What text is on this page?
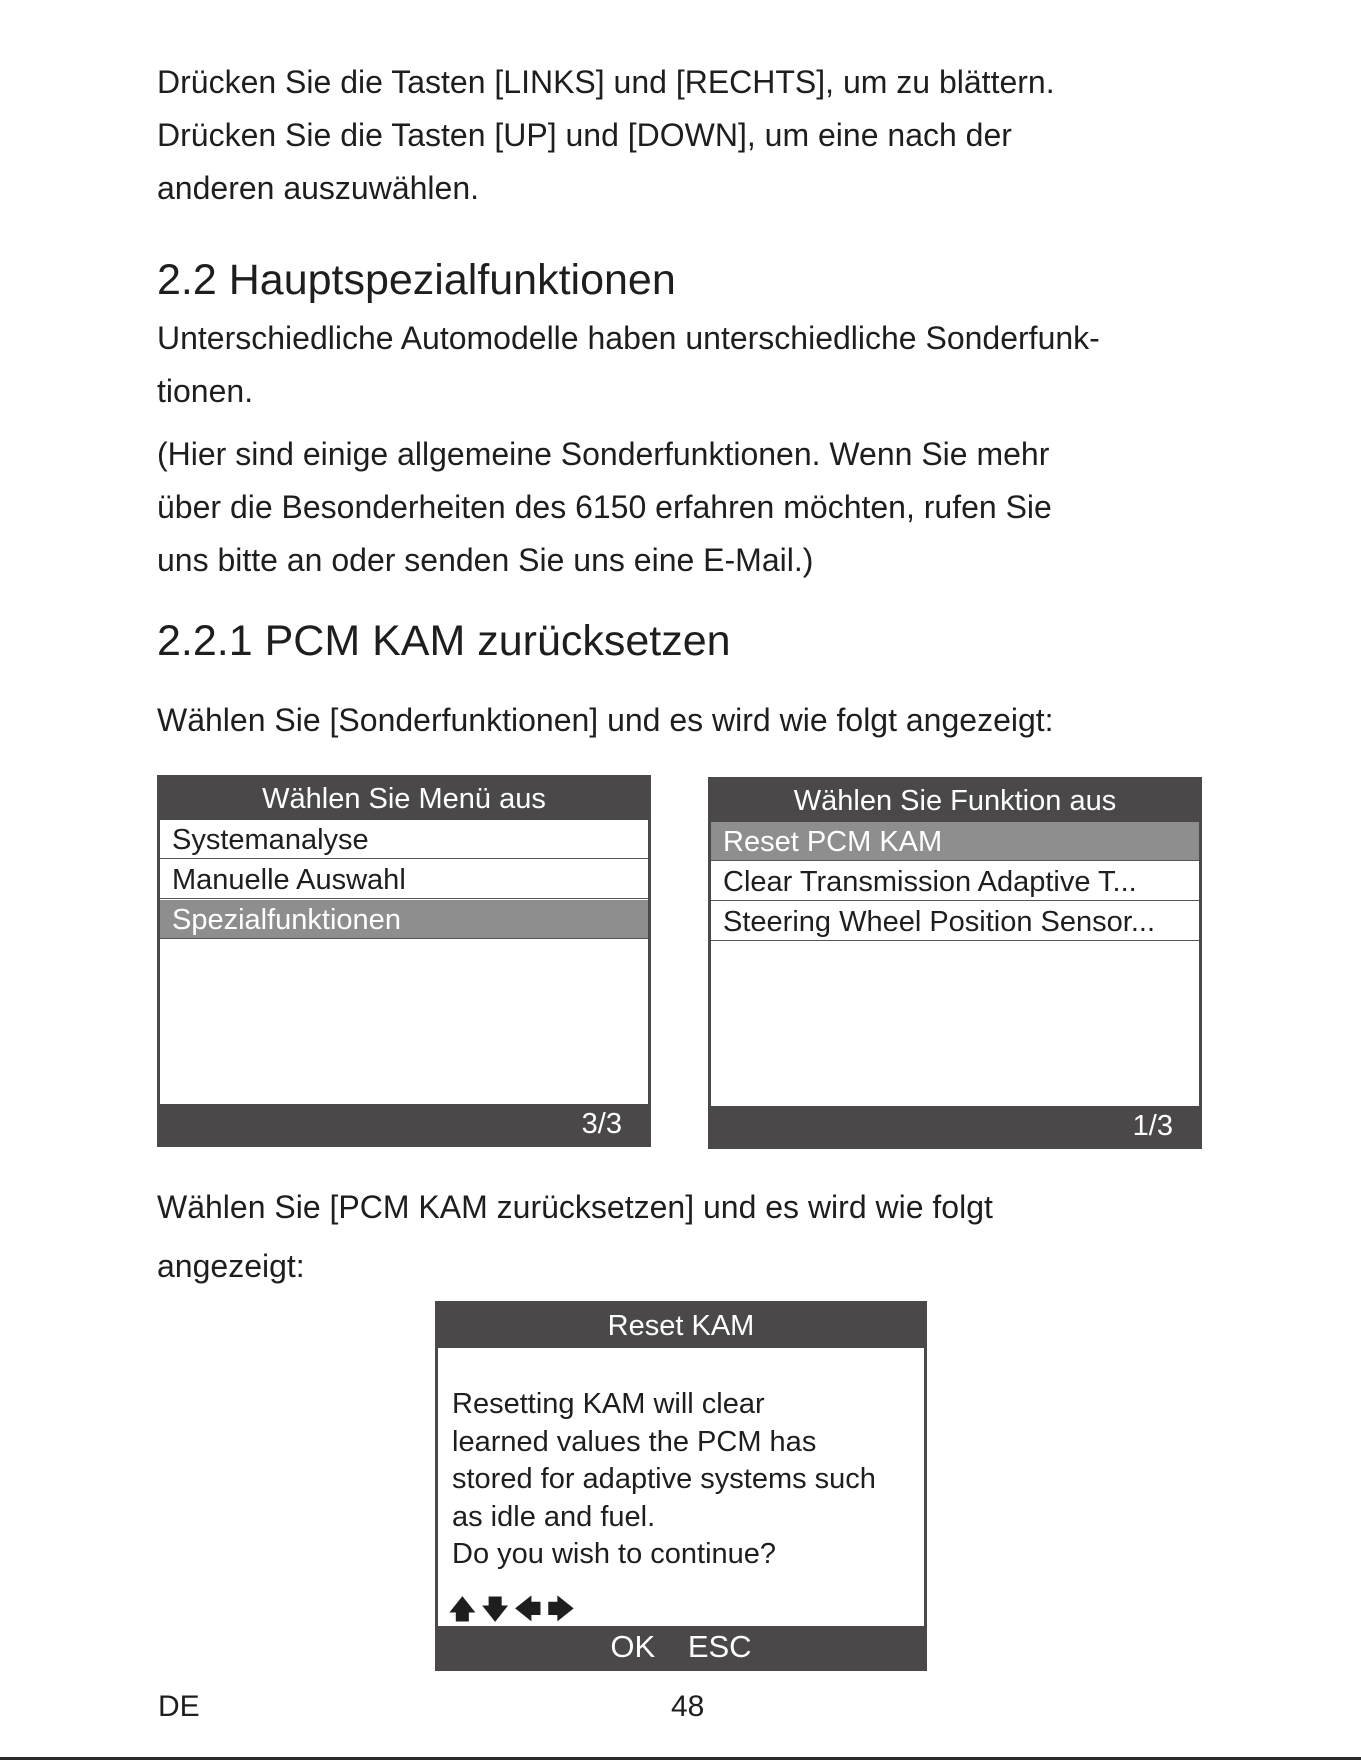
Drücken Sie die Tasten [LINKS] und [RECHTS], um zu blättern.

Drücken Sie die Tasten [UP] und [DOWN], um eine nach der

anderen auszuwählen.

2.2 Hauptspezialfunktionen

Unterschiedliche Automodelle haben unterschiedliche Sonderfunk-

tionen.

(Hier sind einige allgemeine Sonderfunktionen. Wenn Sie mehr

über die Besonderheiten des 6150 erfahren möchten, rufen Sie

uns bitte an oder senden Sie uns eine E-Mail.)

2.2.1 PCM KAM zurücksetzen

Wählen Sie [Sonderfunktionen] und es wird wie folgt angezeigt:

Wählen Sie Menü aus
Systemanalyse
Manuelle Auswahl
Spezialfunktionen
3/3
Wählen Sie Funktion aus
Reset PCM KAM
Clear Transmission Adaptive T...
Steering Wheel Position Sensor...
1/3

Wählen Sie [PCM KAM zurücksetzen] und es wird wie folgt

angezeigt:

Reset KAM
Resetting KAM will clear
learned values the PCM has
stored for adaptive systems such
as idle and fuel.
Do you wish to continue?
OK ESC
🡅🡇🡄🡆
DE	48
